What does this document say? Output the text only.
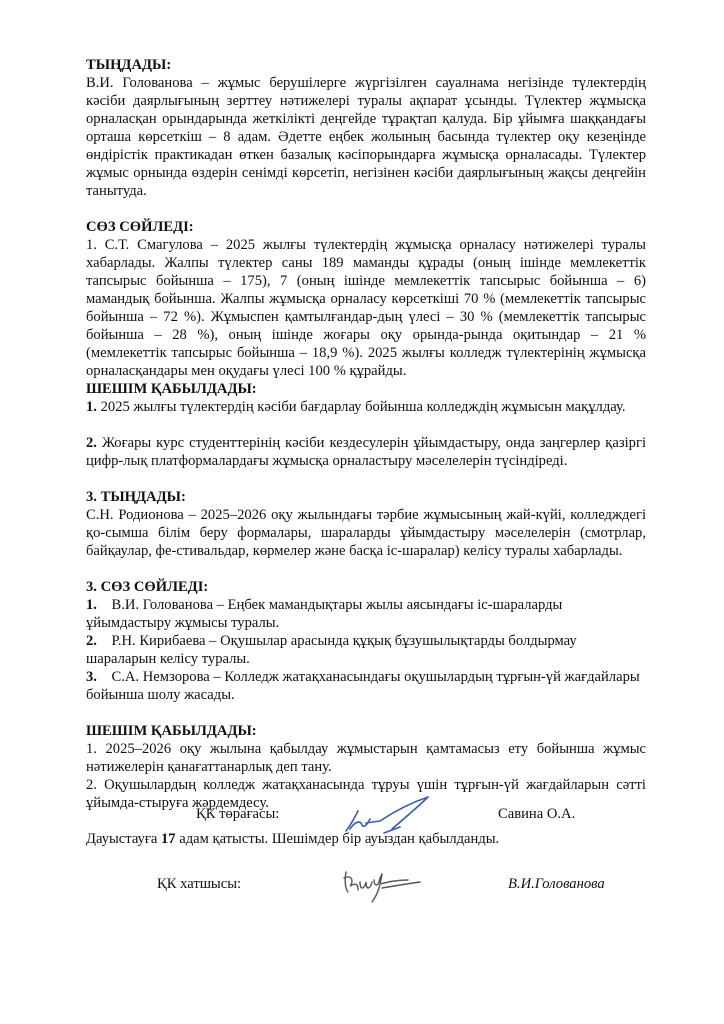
ТЫҢДАДЫ:

В.И. Голованова – жұмыс берушілерге жүргізілген сауалнама негізінде түлектердің кәсіби даярлығының зерттеу нәтижелері туралы ақпарат ұсынды. Түлектер жұмысқа орналасқан орындарында жеткілікті деңгейде тұрақтап қалуда. Бір ұйымға шаққандағы орташа көрсеткіш – 8 адам. Әдетте еңбек жолының басында түлектер оқу кезеңінде өндірістік практикадан өткен базалық кәсіпорындарға жұмысқа орналасады. Түлектер жұмыс орнында өздерін сенімді көрсетіп, негізінен кәсіби даярлығының жақсы деңгейін танытуда.

СӨЗ СӨЙЛЕДІ:

1. С.Т. Смагулова – 2025 жылғы түлектердің жұмысқа орналасу нәтижелері туралы хабарлады. Жалпы түлектер саны 189 маманды құрады (оның ішінде мемлекеттік тапсырыс бойынша – 175), 7 (оның ішінде мемлекеттік тапсырыс бойынша – 6) мамандық бойынша. Жалпы жұмысқа орналасу көрсеткіші 70 % (мемлекеттік тапсырыс бойынша – 72 %). Жұмыспен қамтылғандар-дың үлесі – 30 % (мемлекеттік тапсырыс бойынша – 28 %), оның ішінде жоғары оқу орында-рында оқитындар – 21 % (мемлекеттік тапсырыс бойынша – 18,9 %). 2025 жылғы колледж түлектерінің жұмысқа орналасқандары мен оқудағы үлесі 100 % құрайды.

ШЕШІМ ҚАБЫЛДАДЫ:

1. 2025 жылғы түлектердің кәсіби бағдарлау бойынша колледждің жұмысын мақұлдау.

2. Жоғары курс студенттерінің кәсіби кездесулерін ұйымдастыру, онда заңгерлер қазіргі цифр-лық платформалардағы жұмысқа орналастыру мәселелерін түсіндіреді.

3. ТЫҢДАДЫ:

С.Н. Родионова – 2025–2026 оқу жылындағы тәрбие жұмысының жай-күйі, колледждегі қо-сымша білім беру формалары, шараларды ұйымдастыру мәселелерін (смотрлар, байқаулар, фе-стивальдар, көрмелер және басқа іс-шаралар) келісу туралы хабарлады.

3. СӨЗ СӨЙЛЕДІ:

1. В.И. Голованова – Еңбек мамандықтары жылы аясындағы іс-шараларды ұйымдастыру жұмысы туралы.
2. Р.Н. Кирибаева – Оқушылар арасында құқық бұзушылықтарды болдырмау шараларын келісу туралы.
3. С.А. Немзорова – Колледж жатақханасындағы оқушылардың тұрғын-үй жағдайлары бойынша шолу жасады.

ШЕШІМ ҚАБЫЛДАДЫ:

1. 2025–2026 оқу жылына қабылдау жұмыстарын қамтамасыз ету бойынша жұмыс нәтижелерін қанағаттанарлық деп тану.

2. Оқушылардың колледж жатақханасында тұруы үшін тұрғын-үй жағдайларын сәтті ұйымда-стыруға жәрдемдесу.

Дауыстауға 17 адам қатысты. Шешімдер бір ауыздан қабылданды.

ҚК төрағасы:	Савина О.А.
ҚК хатшысы:	В.И.Голованова
